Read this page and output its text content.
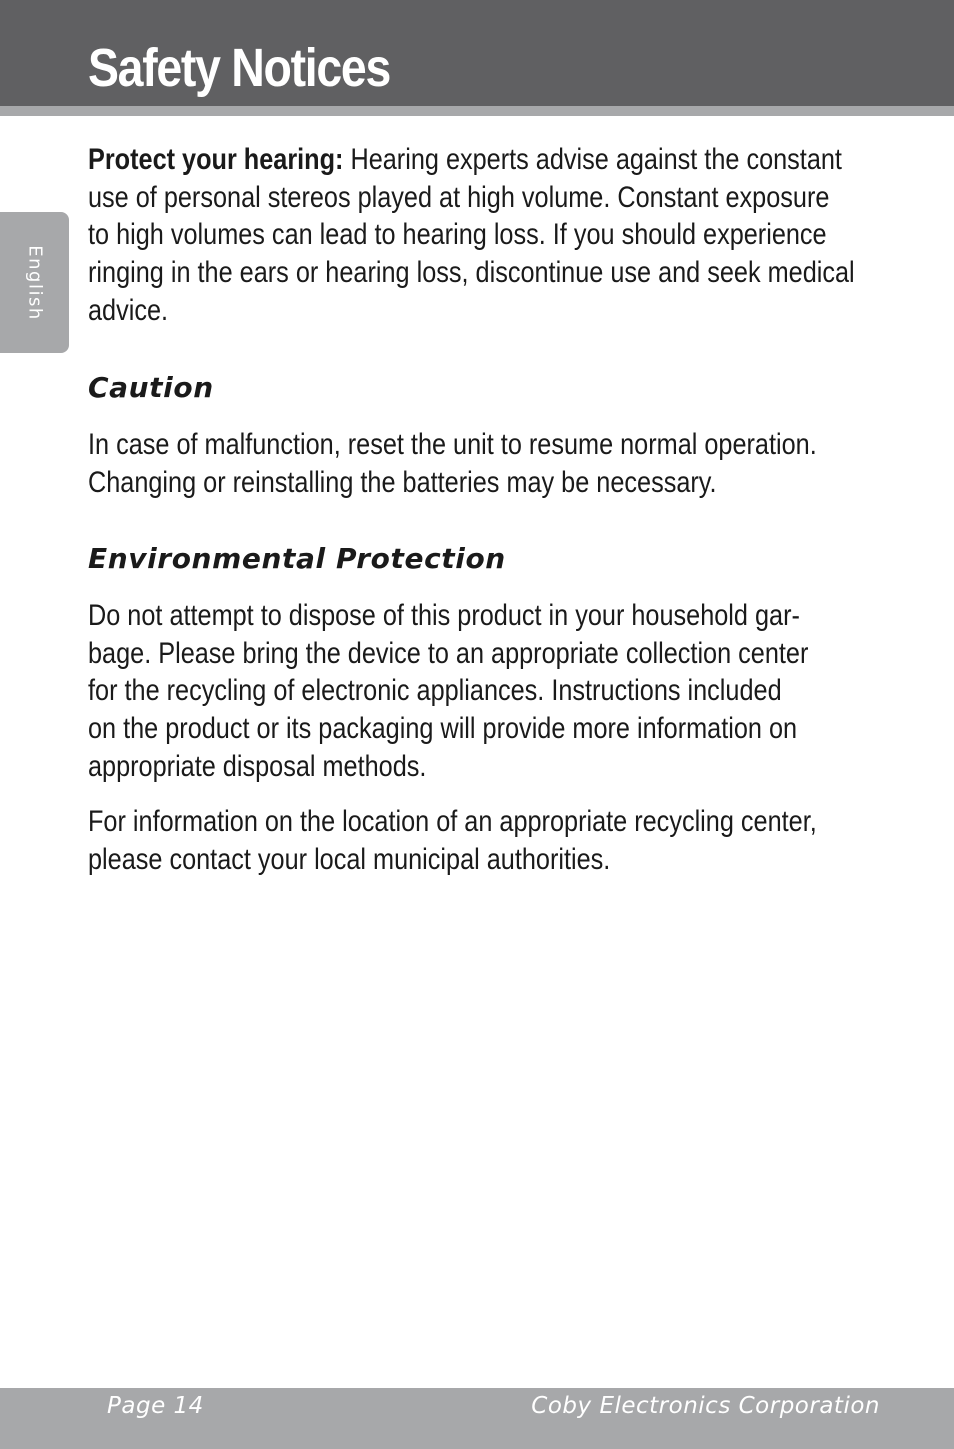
Safety Notices
English
Protect your hearing: Hearing experts advise against the constant
use of personal stereos played at high volume. Constant exposure
to high volumes can lead to hearing loss. If you should experience
ringing in the ears or hearing loss, discontinue use and seek medical
advice.
Caution
In case of malfunction, reset the unit to resume normal operation.
Changing or reinstalling the batteries may be necessary.
Environmental Protection
Do not attempt to dispose of this product in your household gar-
bage. Please bring the device to an appropriate collection center
for the recycling of electronic appliances. Instructions included
on the product or its packaging will provide more information on
appropriate disposal methods.
For information on the location of an appropriate recycling center,
please contact your local municipal authorities.
Page 14	Coby Electronics Corporation
